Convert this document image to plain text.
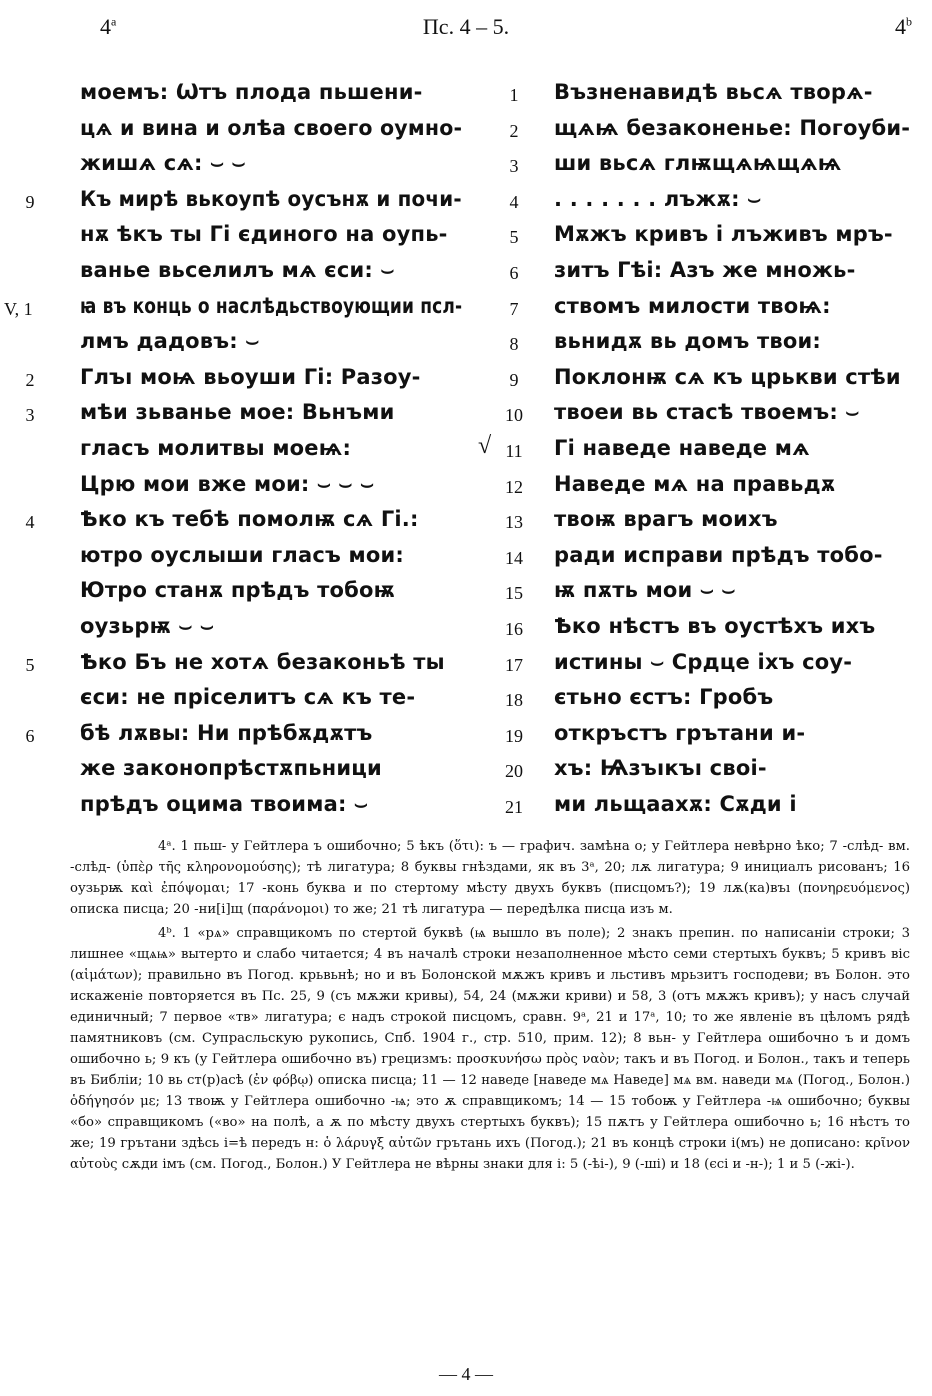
4$^a$	Пс. 4 – 5.	4$^b$
моемъ: Ѡтъ плода пьшени-
цѧ и вина и олѣа своего оумно-
жишѧ сѧ: ⌣ ⌣
9	Къ мирѣ вькоупѣ оусънѫ и почи-
нѫ ѣкъ ты Гі єдиного на оупь-
ванье вьселилъ мѧ єси: ⌣
V, 1	ꙗ въ конць о наслѣдьствоующии псл-
лмъ дадовъ: ⌣
2	Глъı моѩ вьоуши Гі: Разоу-
3	мѣи зьванье мое: Вьнъми
гласъ молитвы моеѩ:
Црю мои вже мои: ⌣ ⌣ ⌣
4	Ѣко къ тебѣ помолѭ сѧ Гі.:
ютро оуслыши гласъ мои:
Ютро станѫ прѣдъ тобоѭ
оузьрѭ ⌣ ⌣
5	Ѣко Бъ не хотѧ безаконьѣ ты
єси: не прiселитъ сѧ къ те-
6	бѣ лѫвы: Ни прѣбѫдѫтъ
же законопрѣстѫпьници
прѣдъ оцима твоима: ⌣
1	Възненавидѣ вьсѧ творѧ-
2	щѧѩ безаконенье: Погоуби-
3	ши вьсѧ глѭщѧѩщѧѩ
4	. . . . . . . лъжѫ: ⌣
5	Мѫжъ кривъ і лъживъ мръ-
6	зитъ Гѣі: Азъ же множь-
7	ствомъ милости твоѩ:
8	вьнидѫ вь домъ твои:
9	Поклонѭ сѧ къ црькви стѣи
10 твоеи вь стасѣ твоемъ: ⌣
√ 11 Гі наведе наведе мѧ
12 Наведе мѧ на правьдѫ
13 твоѭ врагъ моихъ
14 ради исправи прѣдъ тобо-
15 ѭ пѫть мои ⌣ ⌣
16 Ѣко нѣстъ въ оустѣхъ ихъ
17 истины ⌣ Срдце іхъ соу-
18 єтьно єстъ: Гробъ
19 откръстъ грътани и-
20 хъ: Ѩзъıкъı своі-
21 ми льщаахѫ: Сѫди і

4ᵃ. 1 пьш- у Гейтлера ъ ошибочно; 5 ѣкъ (ὅτι): ъ — графич. замѣна о; у Гейтлера невѣрно ѣко; 7 -слѣд- вм. -слѣд- (ὑπὲρ τῆς κληρονομούσης); тѣ лигатура; 8 буквы гнѣздами, як въ 3ᵃ, 20; лѫ лигатура; 9 инициалъ рисованъ; 16 оузьрѭ καὶ ἐπόψομαι; 17 -конь буква и по стертому мѣсту двухъ буквъ (писцомъ?); 19 лѫ(ка)въı (πονηρευόμενος) описка писца; 20 -ни[і]щ (παράνομοι) то же; 21 тѣ лигатура — передѣлка писца изъ м.

4ᵇ. 1 «рѧ» справщикомъ по стертой буквѣ (ѩ вышло въ поле); 2 знакъ препин. по написаніи строки; 3 лишнее «щѧѩ» вытерто и слабо читается; 4 въ началѣ строки незаполненное мѣсто семи стертыхъ буквъ; 5 кривъ віс (αἱμάτων); правильно въ Погод. крьвьнѣ; но и въ Болонской мѫжъ кривъ и льстивъ мрьзитъ господеви; въ Болон. это искаженіе повторяется въ Пс. 25, 9 (съ мѫжи кривы), 54, 24 (мѫжи криви) и 58, 3 (отъ мѫжъ кривъ); у насъ случай единичный; 7 первое «тв» лигатура; є надъ строкой писцомъ, сравн. 9ᵃ, 21 и 17ᵃ, 10; то же явленіе въ цѣломъ рядѣ памятниковъ (см. Супрасльскую рукопись, Спб. 1904 г., стр. 510, прим. 12); 8 вьн- у Гейтлера ошибочно ъ и домъ ошибочно ь; 9 къ (у Гейтлера ошибочно въ) грецизмъ: προσκυνήσω πρὸς ναὸν; такъ и въ Погод. и Болон., такъ и теперь въ Библіи; 10 вь ст(р)асѣ (ἐν φόβῳ) описка писца; 11 — 12 наведе [наведе мѧ Наведе] мѧ вм. наведи мѧ (Погод., Болон.) ὁδήγησόν με; 13 твоѭ у Гейтлера ошибочно -ѩ; это ѫ справщикомъ; 14 — 15 тобоѭ у Гейтлера -ѩ ошибочно; буквы «бо» справщикомъ («во» на полѣ, а ѫ по мѣсту двухъ стертыхъ буквъ); 15 пѫтъ у Гейтлера ошибочно ь; 16 нѣстъ то же; 19 грътани здѣсь і=ѣ передъ н: ὁ λάρυγξ αὐτῶν грътань ихъ (Погод.); 21 въ концѣ строки і(мъ) не дописано: κρῖνον αὐτοὺς сѫди імъ (см. Погод., Болон.) У Гейтлера не вѣрны знаки для і: 5 (-ѣі-), 9 (-ші) и 18 (єсі и -н-); 1 и 5 (-жі-).

— 4 —
